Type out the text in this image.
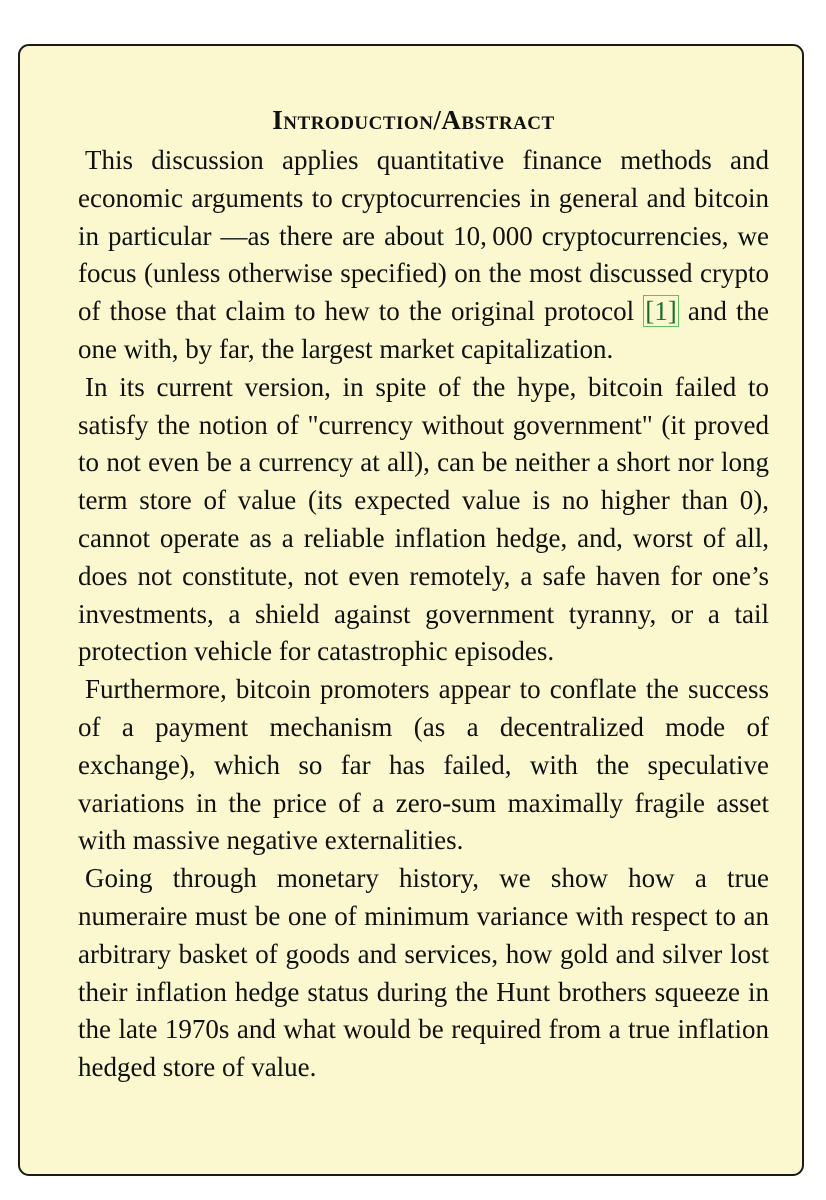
Introduction/Abstract

This discussion applies quantitative finance methods and economic arguments to cryptocurrencies in general and bitcoin in particular —as there are about 10, 000 cryptocurrencies, we focus (unless otherwise specified) on the most discussed crypto of those that claim to hew to the original protocol [1] and the one with, by far, the largest market capitalization.

In its current version, in spite of the hype, bitcoin failed to satisfy the notion of "currency without government" (it proved to not even be a currency at all), can be neither a short nor long term store of value (its expected value is no higher than 0), cannot operate as a reliable inflation hedge, and, worst of all, does not constitute, not even remotely, a safe haven for one’s investments, a shield against government tyranny, or a tail protection vehicle for catastrophic episodes.

Furthermore, bitcoin promoters appear to conflate the success of a payment mechanism (as a decentralized mode of exchange), which so far has failed, with the speculative variations in the price of a zero-sum maximally fragile asset with massive negative externalities.

Going through monetary history, we show how a true numeraire must be one of minimum variance with respect to an arbitrary basket of goods and services, how gold and silver lost their inflation hedge status during the Hunt brothers squeeze in the late 1970s and what would be required from a true inflation hedged store of value.
